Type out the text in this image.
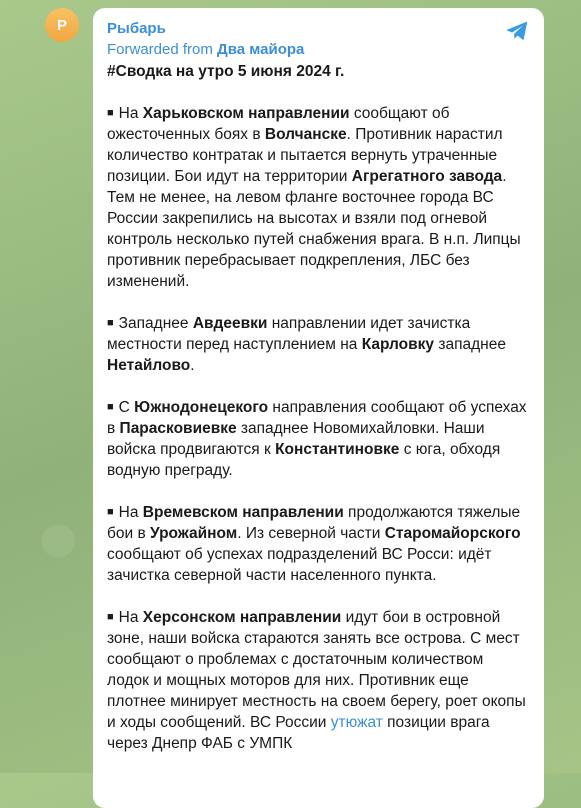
Р	Рыбарь
Forwarded from Два майора
#Сводка на утро 5 июня 2024 г.
■ На Харьковском направлении сообщают об ожесточенных боях в Волчанске. Противник нарастил количество контратак и пытается вернуть утраченные позиции. Бои идут на территории Агрегатного завода. Тем не менее, на левом фланге восточнее города ВС России закрепились на высотах и взяли под огневой контроль несколько путей снабжения врага. В н.п. Липцы противник перебрасывает подкрепления, ЛБС без изменений.
■ Западнее Авдеевки направлении идет зачистка местности перед наступлением на Карловку западнее Нетайлово.
■ С Южнодонецекого направления сообщают об успехах в Парасковиевке западнее Новомихайловки. Наши войска продвигаются к Константиновке с юга, обходя водную преграду.
■ На Времевском направлении продолжаются тяжелые бои в Урожайном. Из северной части Старомайорского сообщают об успехах подразделений ВС Росси: идёт зачистка северной части населенного пункта.
■ На Херсонском направлении идут бои в островной зоне, наши войска стараются занять все острова. С мест сообщают о проблемах с достаточным количеством лодок и мощных моторов для них. Противник еще плотнее минирует местность на своем берегу, роет окопы и ходы сообщений. ВС России утюжат позиции врага через Днепр ФАБ с УМПК
